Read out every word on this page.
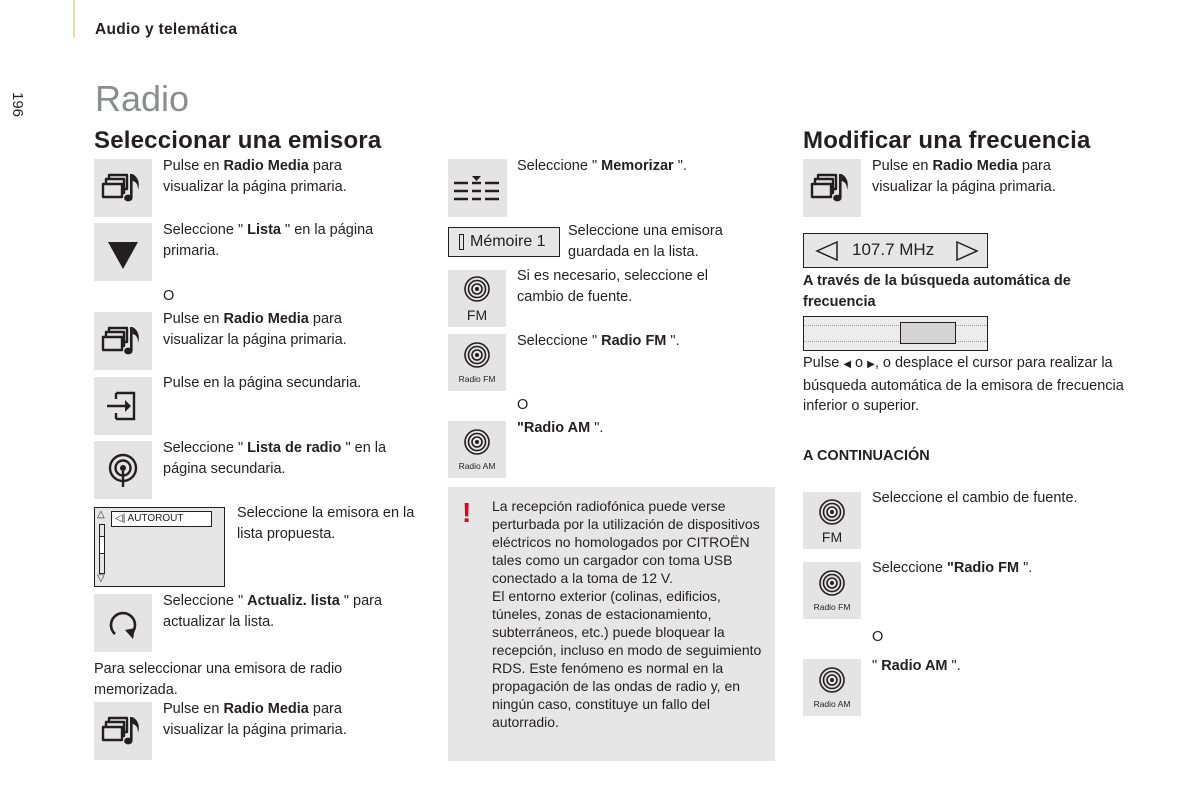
Audio y telemática
196 Radio
Seleccionar una emisora
Pulse en Radio Media para visualizar la página primaria.
Seleccione " Lista " en la página primaria.
O
Pulse en Radio Media para visualizar la página primaria.
Pulse en la página secundaria.
Seleccione " Lista de radio " en la página secundaria.
△
▽
◁| AUTOROUT	Seleccione la emisora en la lista propuesta.
Seleccione " Actualiz. lista " para actualizar la lista.
Para seleccionar una emisora de radio memorizada.
Pulse en Radio Media para visualizar la página primaria.
Seleccione " Memorizar ".
Mémoire 1
Seleccione una emisora guardada en la lista.
FM
Si es necesario, seleccione el cambio de fuente.
Radio FM
Seleccione " Radio FM ".
O
Radio AM
"Radio AM ".
! La recepción radiofónica puede verse perturbada por la utilización de dispositivos eléctricos no homologados por CITROËN tales como un cargador con toma USB conectado a la toma de 12 V.
El entorno exterior (colinas, edificios, túneles, zonas de estacionamiento, subterráneos, etc.) puede bloquear la recepción, incluso en modo de seguimiento RDS. Este fenómeno es normal en la propagación de las ondas de radio y, en ningún caso, constituye un fallo del autorradio.
Modificar una frecuencia
Pulse en Radio Media para visualizar la página primaria.
107.7 MHz
A través de la búsqueda automática de frecuencia
Pulse ◀ o ▶, o desplace el cursor para realizar la búsqueda automática de la emisora de frecuencia inferior o superior.
A CONTINUACIÓN
FM
Seleccione el cambio de fuente.
Radio FM
Seleccione "Radio FM ".
O
Radio AM
" Radio AM ".
